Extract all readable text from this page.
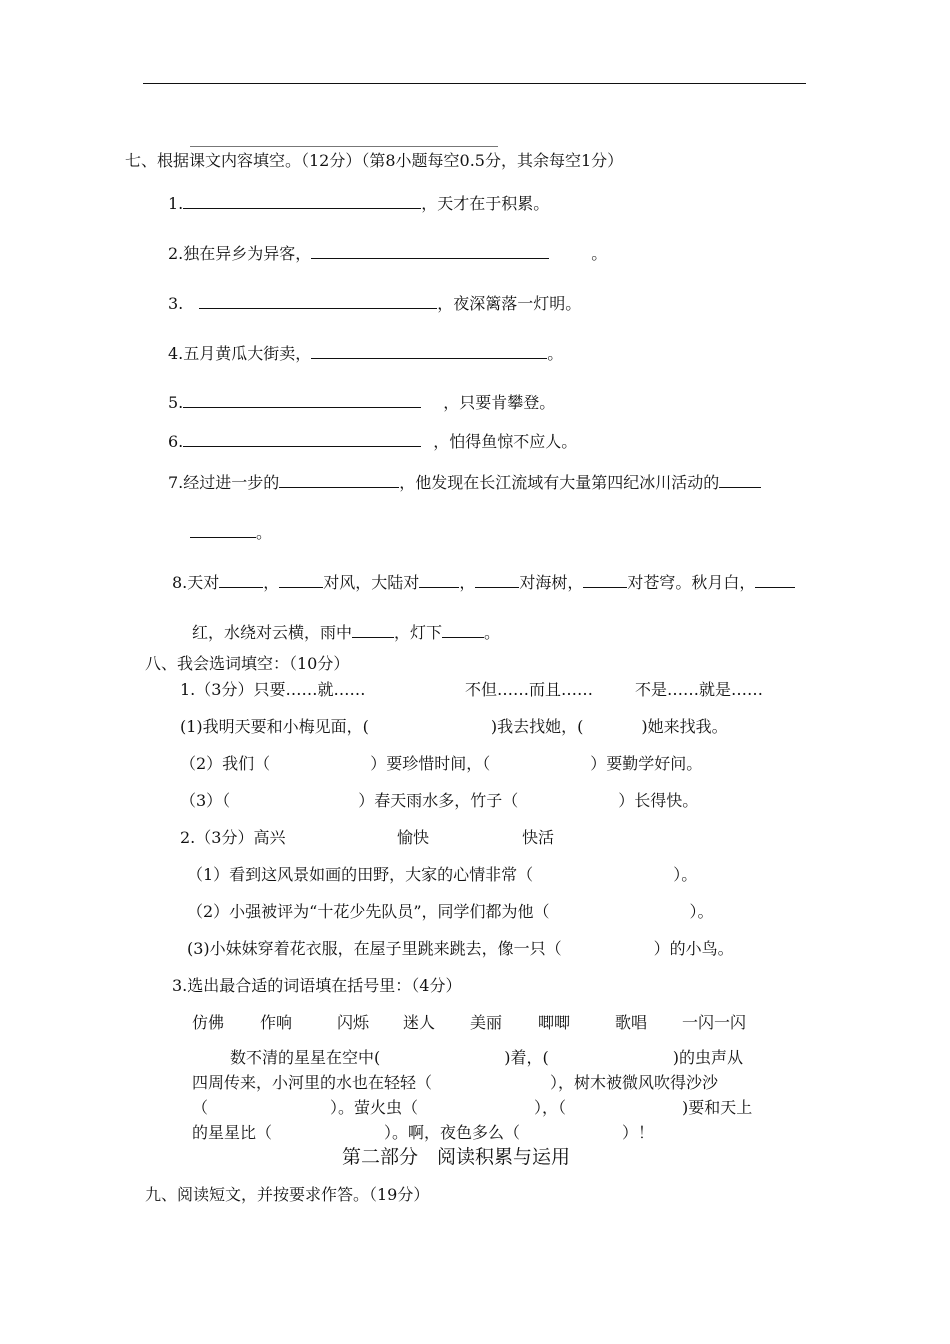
七、根据课文内容填空。（12分）（第8小题每空0.5分，其余每空1分）
1.	，天才在于积累。
2.独在异乡为异客，	。
3.	，夜深篱落一灯明。
4.五月黄瓜大街卖，	。
5.	，只要肯攀登。
6.	，怕得鱼惊不应人。
7.经过进一步的	，他发现在长江流域有大量第四纪冰川活动的
。
8.天对	，	对风，大陆对	，	对海树，	对苍穹。秋月白，
红，水绕对云横，雨中	，灯下	。
八、我会选词填空：（10分）
1.（3分）只要……就……	不但……而且……	不是……就是……
(1)我明天要和小梅见面，(	)我去找她，(	)她来找我。
（2）我们（	）要珍惜时间，（	）要勤学好问。
（3）（	）春天雨水多，竹子（	）长得快。
2.（3分）高兴	愉快	快活
（1）看到这风景如画的田野，大家的心情非常（	）。
（2）小强被评为“十花少先队员”，同学们都为他（	）。
(3)小妹妹穿着花衣服，在屋子里跳来跳去，像一只（	）的小鸟。
3.选出最合适的词语填在括号里：（4分）
仿佛 作响	闪烁 迷人 美丽 唧唧	歌唱 一闪一闪
数不清的星星在空中(	)着，(	)的虫声从
四周传来，小河里的水也在轻轻（	），树木被微风吹得沙沙
（	）。萤火虫（	），（	)要和天上
的星星比（	）。啊，夜色多么（	）！
第二部分　阅读积累与运用
九、阅读短文，并按要求作答。（19分）
